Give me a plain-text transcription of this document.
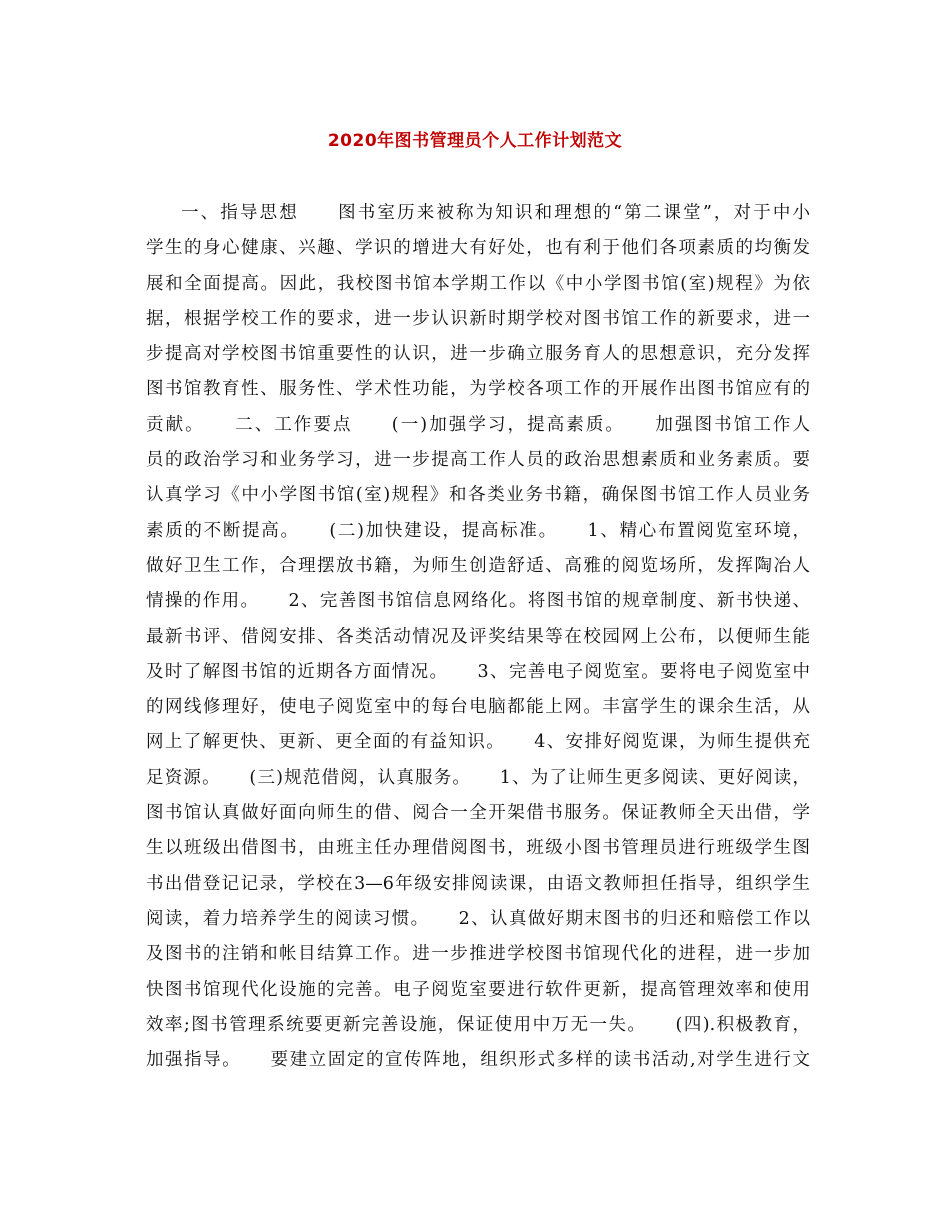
2020年图书管理员个人工作计划范文
一、指导思想　　图书室历来被称为知识和理想的“第二课堂”，对于中小
学生的身心健康、兴趣、学识的增进大有好处，也有利于他们各项素质的均衡发
展和全面提高。因此，我校图书馆本学期工作以《中小学图书馆(室)规程》为依
据，根据学校工作的要求，进一步认识新时期学校对图书馆工作的新要求，进一
步提高对学校图书馆重要性的认识，进一步确立服务育人的思想意识，充分发挥
图书馆教育性、服务性、学术性功能，为学校各项工作的开展作出图书馆应有的
贡献。　　二、工作要点　　(一)加强学习，提高素质。　　加强图书馆工作人
员的政治学习和业务学习，进一步提高工作人员的政治思想素质和业务素质。要
认真学习《中小学图书馆(室)规程》和各类业务书籍，确保图书馆工作人员业务
素质的不断提高。　　(二)加快建设，提高标准。　　1、精心布置阅览室环境，
做好卫生工作，合理摆放书籍，为师生创造舒适、高雅的阅览场所，发挥陶冶人
情操的作用。　　2、完善图书馆信息网络化。将图书馆的规章制度、新书快递、
最新书评、借阅安排、各类活动情况及评奖结果等在校园网上公布，以便师生能
及时了解图书馆的近期各方面情况。　　3、完善电子阅览室。要将电子阅览室中
的网线修理好，使电子阅览室中的每台电脑都能上网。丰富学生的课余生活，从
网上了解更快、更新、更全面的有益知识。　　4、安排好阅览课，为师生提供充
足资源。　　(三)规范借阅，认真服务。　　1、为了让师生更多阅读、更好阅读，
图书馆认真做好面向师生的借、阅合一全开架借书服务。保证教师全天出借，学
生以班级出借图书，由班主任办理借阅图书，班级小图书管理员进行班级学生图
书出借登记记录，学校在3—6年级安排阅读课，由语文教师担任指导，组织学生
阅读，着力培养学生的阅读习惯。　　2、认真做好期末图书的归还和赔偿工作以
及图书的注销和帐目结算工作。进一步推进学校图书馆现代化的进程，进一步加
快图书馆现代化设施的完善。电子阅览室要进行软件更新，提高管理效率和使用
效率;图书管理系统要更新完善设施，保证使用中万无一失。　　(四).积极教育，
加强指导。　　要建立固定的宣传阵地，组织形式多样的读书活动,对学生进行文
